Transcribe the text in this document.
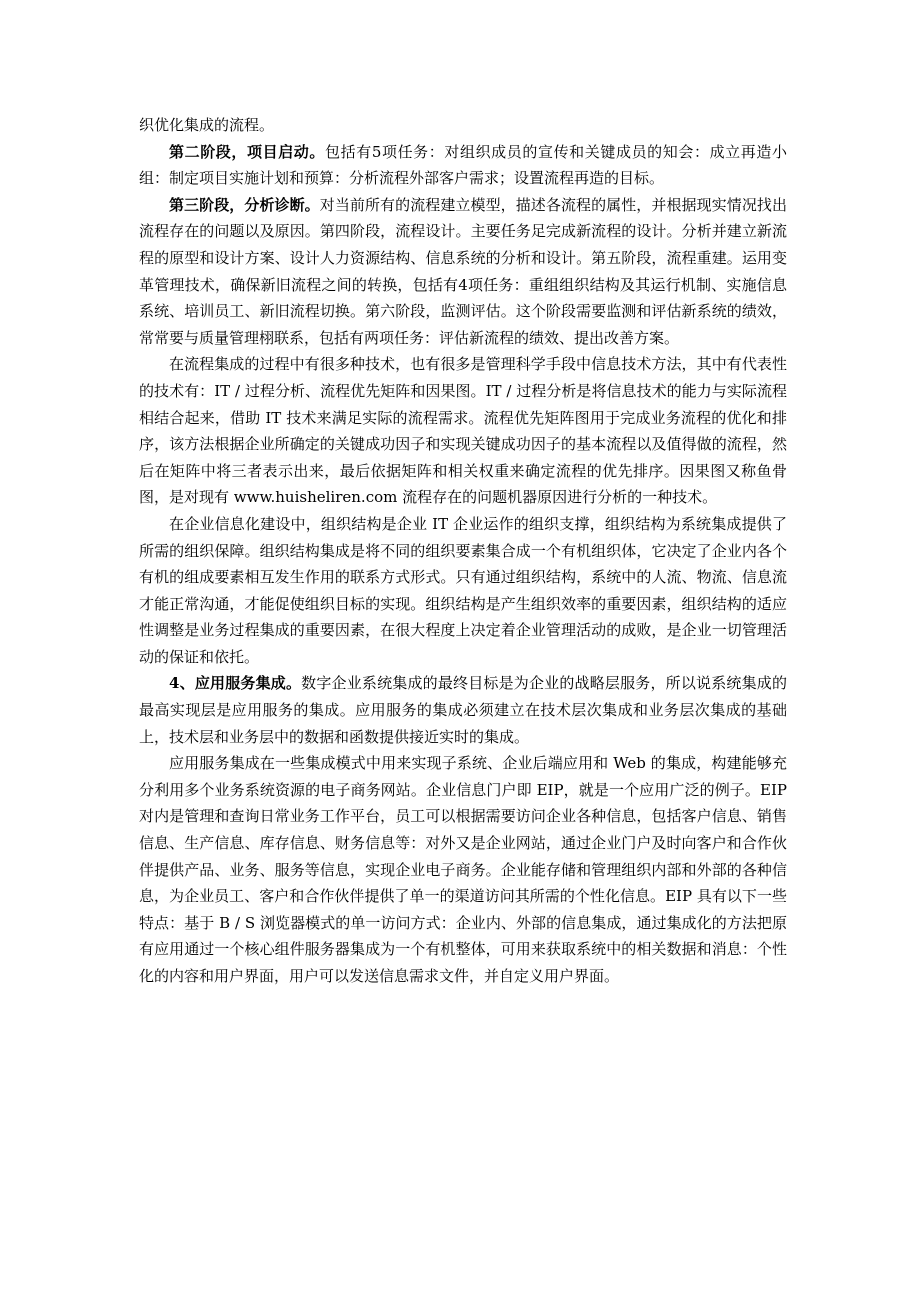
织优化集成的流程。

第二阶段，项目启动。包括有5项任务：对组织成员的宣传和关键成员的知会：成立再造小组：制定项目实施计划和预算：分析流程外部客户需求；设置流程再造的目标。

第三阶段，分析诊断。对当前所有的流程建立模型，描述各流程的属性，并根据现实情况找出流程存在的问题以及原因。第四阶段，流程设计。主要任务足完成新流程的设计。分析并建立新流程的原型和设计方案、设计人力资源结构、信息系统的分析和设计。第五阶段，流程重建。运用变革管理技术，确保新旧流程之间的转换，包括有4项任务：重组组织结构及其运行机制、实施信息系统、培训员工、新旧流程切换。第六阶段，监测评估。这个阶段需要监测和评估新系统的绩效，常常要与质量管理栩联系，包括有两项任务：评估新流程的绩效、提出改善方案。

在流程集成的过程中有很多种技术，也有很多是管理科学手段中信息技术方法，其中有代表性的技术有：IT / 过程分析、流程优先矩阵和因果图。IT / 过程分析是将信息技术的能力与实际流程相结合起来，借助 IT 技术来满足实际的流程需求。流程优先矩阵图用于完成业务流程的优化和排序，该方法根据企业所确定的关键成功因子和实现关键成功因子的基本流程以及值得做的流程，然后在矩阵中将三者表示出来，最后依据矩阵和相关权重来确定流程的优先排序。因果图又称鱼骨图，是对现有 www.huisheliren.com 流程存在的问题机器原因进行分析的一种技术。

在企业信息化建设中，组织结构是企业 IT 企业运作的组织支撑，组织结构为系统集成提供了所需的组织保障。组织结构集成是将不同的组织要素集合成一个有机组织体，它决定了企业内各个有机的组成要素相互发生作用的联系方式形式。只有通过组织结构，系统中的人流、物流、信息流才能正常沟通，才能促使组织目标的实现。组织结构是产生组织效率的重要因素，组织结构的适应性调整是业务过程集成的重要因素，在很大程度上决定着企业管理活动的成败，是企业一切管理活动的保证和依托。

4、应用服务集成。数字企业系统集成的最终目标是为企业的战略层服务，所以说系统集成的最高实现层是应用服务的集成。应用服务的集成必须建立在技术层次集成和业务层次集成的基础上，技术层和业务层中的数据和函数提供接近实时的集成。

应用服务集成在一些集成模式中用来实现子系统、企业后端应用和 Web 的集成，构建能够充分利用多个业务系统资源的电子商务网站。企业信息门户即 EIP，就是一个应用广泛的例子。EIP 对内是管理和查询日常业务工作平台，员工可以根据需要访问企业各种信息，包括客户信息、销售信息、生产信息、库存信息、财务信息等：对外又是企业网站，通过企业门户及时向客户和合作伙伴提供产品、业务、服务等信息，实现企业电子商务。企业能存储和管理组织内部和外部的各种信息，为企业员工、客户和合作伙伴提供了单一的渠道访问其所需的个性化信息。EIP 具有以下一些特点：基于 B / S 浏览器模式的单一访问方式：企业内、外部的信息集成，通过集成化的方法把原有应用通过一个核心组件服务器集成为一个有机整体，可用来获取系统中的相关数据和消息：个性化的内容和用户界面，用户可以发送信息需求文件，并自定义用户界面。
